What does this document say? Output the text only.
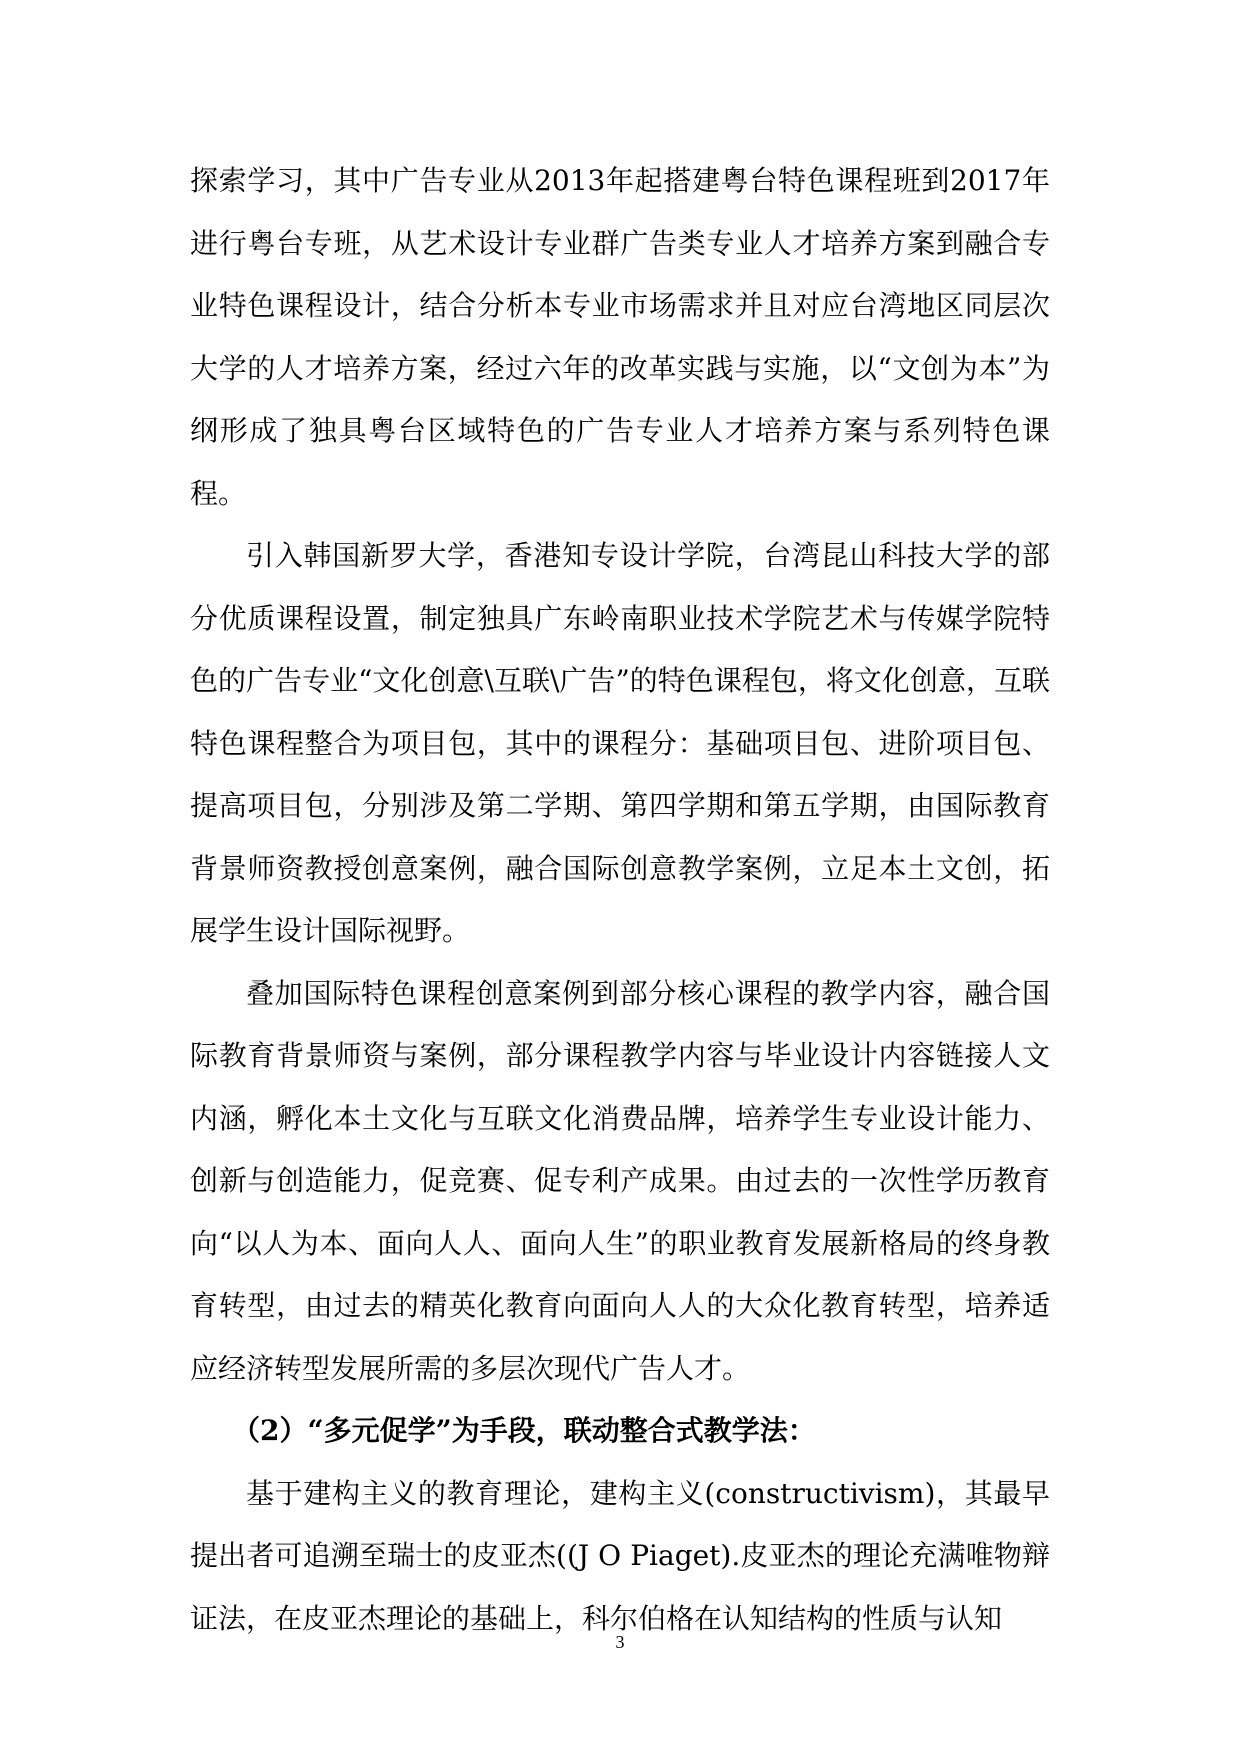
探索学习，其中广告专业从2013年起搭建粤台特色课程班到2017年进行粤台专班，从艺术设计专业群广告类专业人才培养方案到融合专业特色课程设计，结合分析本专业市场需求并且对应台湾地区同层次大学的人才培养方案，经过六年的改革实践与实施，以“文创为本”为纲形成了独具粤台区域特色的广告专业人才培养方案与系列特色课程。

引入韩国新罗大学，香港知专设计学院，台湾昆山科技大学的部分优质课程设置，制定独具广东岭南职业技术学院艺术与传媒学院特色的广告专业“文化创意\互联\广告”的特色课程包，将文化创意，互联特色课程整合为项目包，其中的课程分：基础项目包、进阶项目包、提高项目包，分别涉及第二学期、第四学期和第五学期，由国际教育背景师资教授创意案例，融合国际创意教学案例，立足本土文创，拓展学生设计国际视野。

叠加国际特色课程创意案例到部分核心课程的教学内容，融合国际教育背景师资与案例，部分课程教学内容与毕业设计内容链接人文内涵，孵化本土文化与互联文化消费品牌，培养学生专业设计能力、创新与创造能力，促竞赛、促专利产成果。由过去的一次性学历教育向“以人为本、面向人人、面向人生”的职业教育发展新格局的终身教育转型，由过去的精英化教育向面向人人的大众化教育转型，培养适应经济转型发展所需的多层次现代广告人才。

（2）“多元促学”为手段，联动整合式教学法：

基于建构主义的教育理论，建构主义(constructivism)，其最早提出者可追溯至瑞士的皮亚杰((J O Piaget).皮亚杰的理论充满唯物辩证法，在皮亚杰理论的基础上，科尔伯格在认知结构的性质与认知

3
